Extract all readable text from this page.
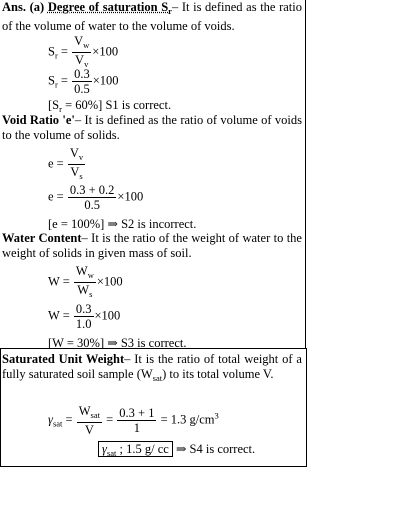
Ans. (a) Degree of saturation $S_r-$ It is defined as the ratio of the volume of water to the volume of voids.
$S_r = \frac{V_w}{V_v} \times 100$
$S_r = \frac{0.3}{0.5} \times 100$
$[S_r = 60\%]$ S1 is correct.
Void Ratio 'e'– It is defined as the ratio of volume of voids to the volume of solids.
$e = \frac{V_v}{V_s}$
$e = \frac{0.3 + 0.2}{0.5} \times 100$
[e = 100%] ⇒ S2 is incorrect.
Water Content– It is the ratio of the weight of water to the weight of solids in given mass of soil.
$W = \frac{W_w}{W_s} \times 100$
$W = \frac{0.3}{1.0} \times 100$
[W = 30%] ⇒ S3 is correct.
Saturated Unit Weight– It is the ratio of total weight of a fully saturated soil sample $(W_{sat})$ to its total volume V.
$\gamma_{sat} = \frac{W_{sat}}{V} = \frac{0.3 + 1}{1} = 1.3$ $g/cm^3$
$\gamma_{sat}$ ; 1.5 g/ cc ⇒ S4 is correct.
